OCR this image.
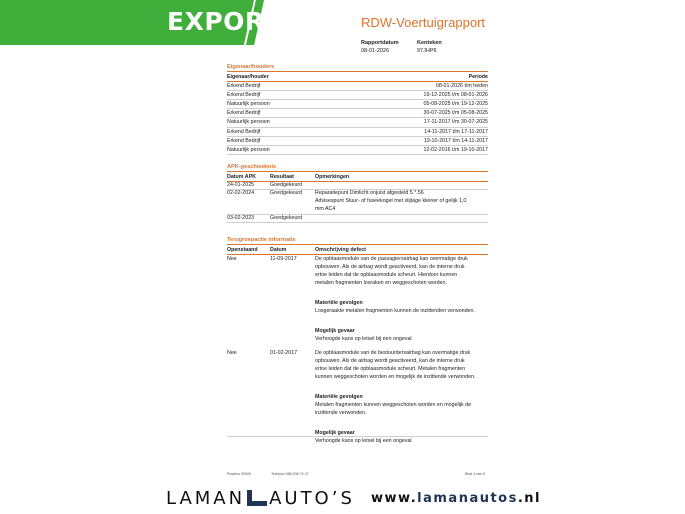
EXPORT	RDW-Voertuigrapport
Rapportdatum
08-01-2026
Kenteken
97JHP6
Eigenaar/houders
Eigenaar/houder	Periode
Erkend Bedrijf	08-01-2026 t/m heden
Erkend Bedrijf	19-12-2025 t/m 08-01-2026
Natuurlijk persoon	05-08-2025 t/m 19-12-2025
Erkend Bedrijf	30-07-2025 t/m 05-08-2025
Natuurlijk persoon	17-11-2017 t/m 30-07-2025
Erkend Bedrijf	14-11-2017 t/m 17-11-2017
Erkend Bedrijf	19-10-2017 t/m 14-11-2017
Natuurlijk persoon	12-02-2016 t/m 19-10-2017
APK-geschiedenis
Datum APK	Resultaat	Opmerkingen
24-01-2025	Goedgekeurd
02-02-2024	Goedgekeurd	Reparatiepunt Dimlicht onjuist afgesteld 5.*.56
Advisespunt Stuur- of fuseekogel met slijtage kleiner of gelijk 1,0
mm AC4
03-02-2023	Goedgekeurd
Terugroepactie informatie
Openstaand	Datum	Omschrijving defect
Nee	11-09-2017	De opblaasmodule van de passagiersairbag kan overmatige druk
opbouwen. Als de airbag wordt geactiveerd, kan de interne druk
ertoe leiden dat de opblaasmodule scheurt. Hierdoor kunnen
metalen fragmenten losraken en weggeschoten worden.
Materiële gevolgen
Losgeraakte metalen fragmenten kunnen de inzittenden verwonden.
Mogelijk gevaar
Verhoogde kans op letsel bij een ongeval
Nee	01-02-2017	De opblaasmodule van de bestuurdersairbag kan overmatige druk
opbouwen. Als de airbag wordt geactiveerd, kan de interne druk
ertoe leiden dat de opblaasmodule scheurt. Metalen fragmenten
kunnen weggeschoten worden en mogelijk de inzittende verwonden.
Materiële gevolgen
Metalen fragmenten kunnen weggeschoten worden en mogelijk de
inzittende verwonden.
Mogelijk gevaar
Verhoogde kans op letsel bij een ongeval
Postbus 30000	Telefoon 088 008 74 47	Blad 4 van 5
LAMAN AUTO’S www.lamanautos.nl
